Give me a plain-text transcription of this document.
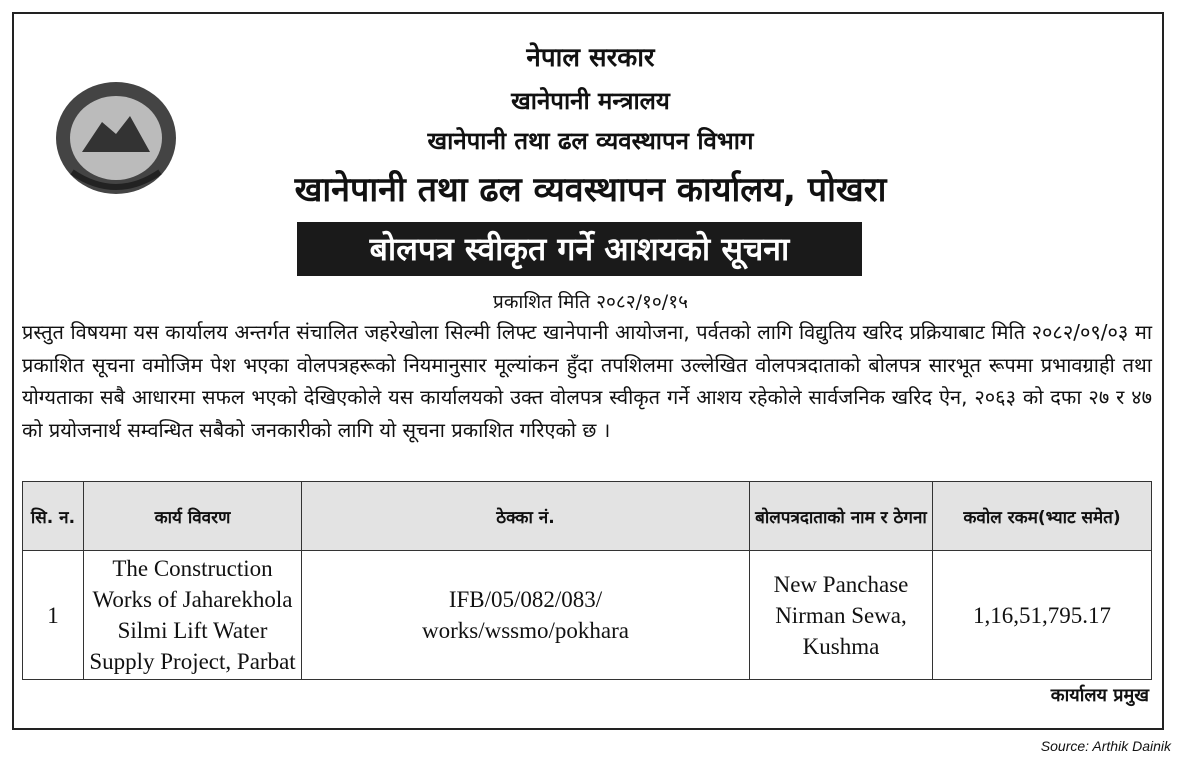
नेपाल सरकार
खानेपानी मन्त्रालय
खानेपानी तथा ढल व्यवस्थापन विभाग
खानेपानी तथा ढल व्यवस्थापन कार्यालय, पोखरा
बोलपत्र स्वीकृत गर्ने आशयको सूचना
प्रकाशित मिति २०८२/१०/१५
प्रस्तुत विषयमा यस कार्यालय अन्तर्गत संचालित जहरेखोला सिल्मी लिफ्ट खानेपानी आयोजना, पर्वतको लागि विद्युतिय खरिद प्रक्रियाबाट मिति २०८२/०९/०३ मा प्रकाशित सूचना वमोजिम पेश भएका वोलपत्रहरूको नियमानुसार मूल्यांकन हुँदा तपशिलमा उल्लेखित वोलपत्रदाताको बोलपत्र सारभूत रूपमा प्रभावग्राही तथा योग्यताका सबै आधारमा सफल भएको देखिएकोले यस कार्यालयको उक्त वोलपत्र स्वीकृत गर्ने आशय रहेकोले सार्वजनिक खरिद ऐन, २०६३ को दफा २७ र ४७ को प्रयोजनार्थ सम्वन्धित सबैको जनकारीको लागि यो सूचना प्रकाशित गरिएको छ ।
सि. न.	कार्य विवरण	ठेक्का नं.	बोलपत्रदाताको नाम र ठेगना	कवोल रकम(भ्याट समेत)
1	The Construction Works of Jaharekhola Silmi Lift Water Supply Project, Parbat	IFB/05/082/083/ works/wssmo/pokhara	New Panchase Nirman Sewa, Kushma	1,16,51,795.17
कार्यालय प्रमुख
Source: Arthik Dainik
